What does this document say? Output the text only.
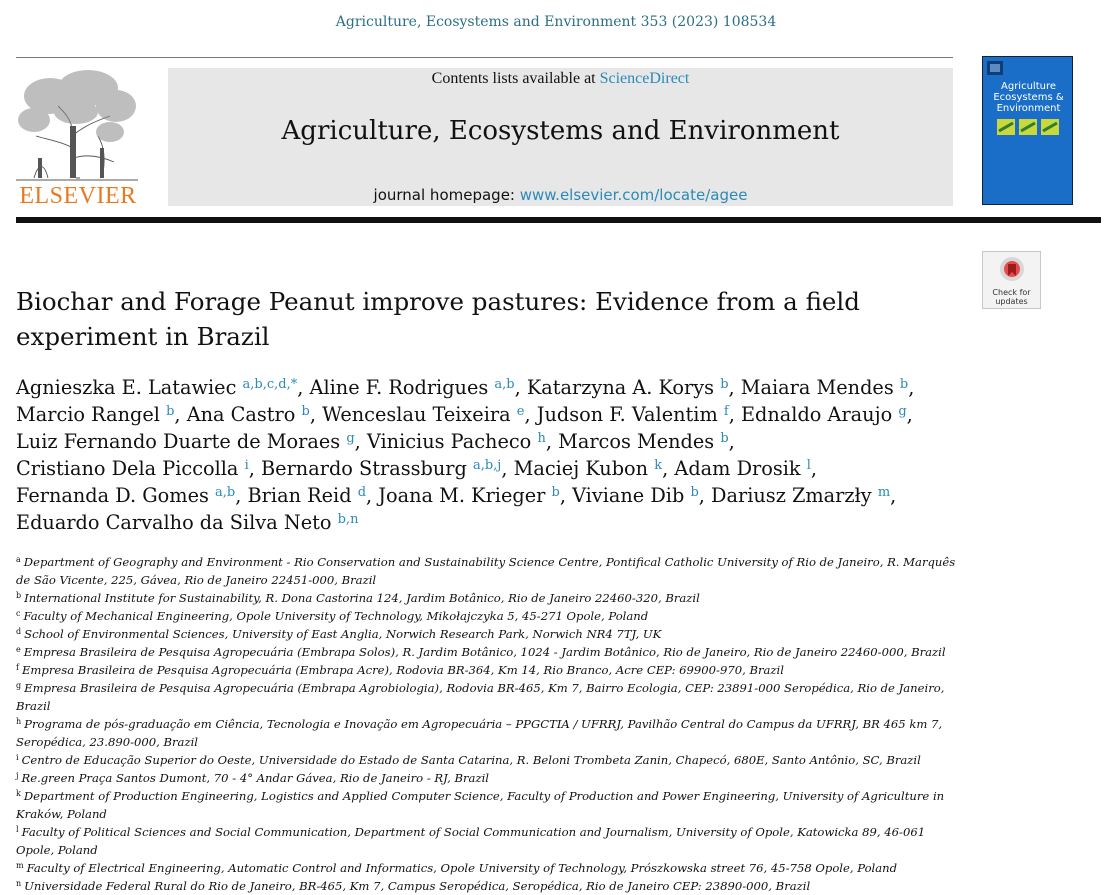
Agriculture, Ecosystems and Environment 353 (2023) 108534
ELSEVIER
Contents lists available at ScienceDirect
Agriculture, Ecosystems and Environment
journal homepage: www.elsevier.com/locate/agee
Agriculture
Ecosystems &
Environment
Check for
updates
Biochar and Forage Peanut improve pastures: Evidence from a field
experiment in Brazil
Agnieszka E. Latawiec $^{a,b,c,d,*}$, Aline F. Rodrigues $^{a,b}$, Katarzyna A. Korys $^b$, Maiara Mendes $^b$,
Marcio Rangel $^b$, Ana Castro $^b$, Wenceslau Teixeira $^e$, Judson F. Valentim $^f$, Ednaldo Araujo $^g$,
Luiz Fernando Duarte de Moraes $^g$, Vinicius Pacheco $^h$, Marcos Mendes $^b$,
Cristiano Dela Piccolla $^i$, Bernardo Strassburg $^{a,b,j}$, Maciej Kubon $^k$, Adam Drosik $^l$,
Fernanda D. Gomes $^{a,b}$, Brian Reid $^d$, Joana M. Krieger $^b$, Viviane Dib $^b$, Dariusz Zmarzły $^m$,
Eduardo Carvalho da Silva Neto $^{b,n}$
$^a$ Department of Geography and Environment - Rio Conservation and Sustainability Science Centre, Pontifical Catholic University of Rio de Janeiro, R. Marquês de São Vicente, 225, Gávea, Rio de Janeiro 22451-000, Brazil
$^b$ International Institute for Sustainability, R. Dona Castorina 124, Jardim Botânico, Rio de Janeiro 22460-320, Brazil
$^c$ Faculty of Mechanical Engineering, Opole University of Technology, Mikołajczyka 5, 45-271 Opole, Poland
$^d$ School of Environmental Sciences, University of East Anglia, Norwich Research Park, Norwich NR4 7TJ, UK
$^e$ Empresa Brasileira de Pesquisa Agropecuária (Embrapa Solos), R. Jardim Botânico, 1024 - Jardim Botânico, Rio de Janeiro, Rio de Janeiro 22460-000, Brazil
$^f$ Empresa Brasileira de Pesquisa Agropecuária (Embrapa Acre), Rodovia BR-364, Km 14, Rio Branco, Acre CEP: 69900-970, Brazil
$^g$ Empresa Brasileira de Pesquisa Agropecuária (Embrapa Agrobiologia), Rodovia BR-465, Km 7, Bairro Ecologia, CEP: 23891-000 Seropédica, Rio de Janeiro, Brazil
$^h$ Programa de pós-graduação em Ciência, Tecnologia e Inovação em Agropecuária – PPGCTIA / UFRRJ, Pavilhão Central do Campus da UFRRJ, BR 465 km 7, Seropédica, 23.890-000, Brazil
$^i$ Centro de Educação Superior do Oeste, Universidade do Estado de Santa Catarina, R. Beloni Trombeta Zanin, Chapecó, 680E, Santo Antônio, SC, Brazil
$^j$ Re.green Praça Santos Dumont, 70 - 4° Andar Gávea, Rio de Janeiro - RJ, Brazil
$^k$ Department of Production Engineering, Logistics and Applied Computer Science, Faculty of Production and Power Engineering, University of Agriculture in Kraków, Poland
$^l$ Faculty of Political Sciences and Social Communication, Department of Social Communication and Journalism, University of Opole, Katowicka 89, 46-061 Opole, Poland
$^m$ Faculty of Electrical Engineering, Automatic Control and Informatics, Opole University of Technology, Prószkowska street 76, 45-758 Opole, Poland
$^n$ Universidade Federal Rural do Rio de Janeiro, BR-465, Km 7, Campus Seropédica, Seropédica, Rio de Janeiro CEP: 23890-000, Brazil
